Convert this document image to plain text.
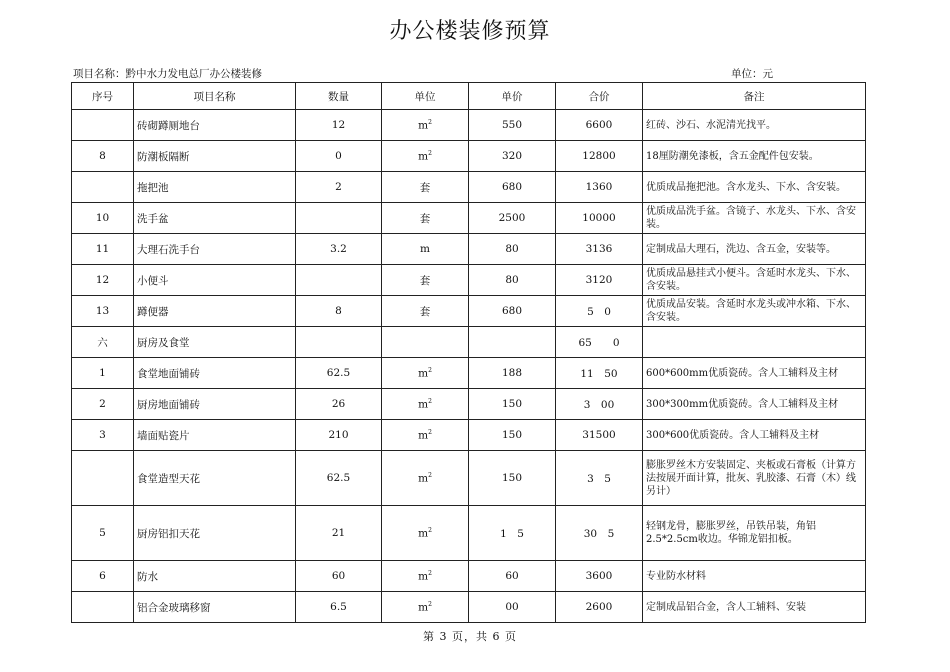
办公楼装修预算
项目名称：黔中水力发电总厂办公楼装修	单位：元
序号	项目名称	数量	单位	单价	合价	备注
	砖砌蹲厕地台	12	$m^2$	550	6600	红砖、沙石、水泥清光找平。
8	防潮板隔断	0	$m^2$	320	12800	18厘防潮免漆板，含五金配件包安装。
	拖把池	2	套	680	1360	优质成品拖把池。含水龙头、下水、含安装。
10	洗手盆		套	2500	10000	优质成品洗手盆。含镜子、水龙头、下水、含安装。
11	大理石洗手台	3.2	m	80	3136	定制成品大理石，洗边、含五金，安装等。
12	小便斗		套	80	3120	优质成品悬挂式小便斗。含延时水龙头、下水、含安装。
13	蹲便器	8	套	680	5　0	优质成品安装。含延时水龙头或冲水箱、下水、含安装。
六	厨房及食堂				65　　0	
1	食堂地面铺砖	62.5	$m^2$	188	11　50	600*600mm优质瓷砖。含人工辅料及主材
2	厨房地面铺砖	26	$m^2$	150	3　00	300*300mm优质瓷砖。含人工辅料及主材
3	墙面贴瓷片	210	$m^2$	150	31500	300*600优质瓷砖。含人工辅料及主材
	食堂造型天花	62.5	$m^2$	150	3　5	膨胀罗丝木方安装固定、夹板或石膏板（计算方法按展开面计算，批灰、乳胶漆、石膏（木）线另计）
5	厨房铝扣天花	21	$m^2$	1　5	30　5	轻钢龙骨，膨胀罗丝，吊铁吊装，角铝2.5*2.5cm收边。华锦龙铝扣板。
6	防水	60	$m^2$	60	3600	专业防水材料
	铝合金玻璃移窗	6.5	$m^2$	00	2600	定制成品铝合金，含人工辅料、安装
第 3 页，共 6 页
